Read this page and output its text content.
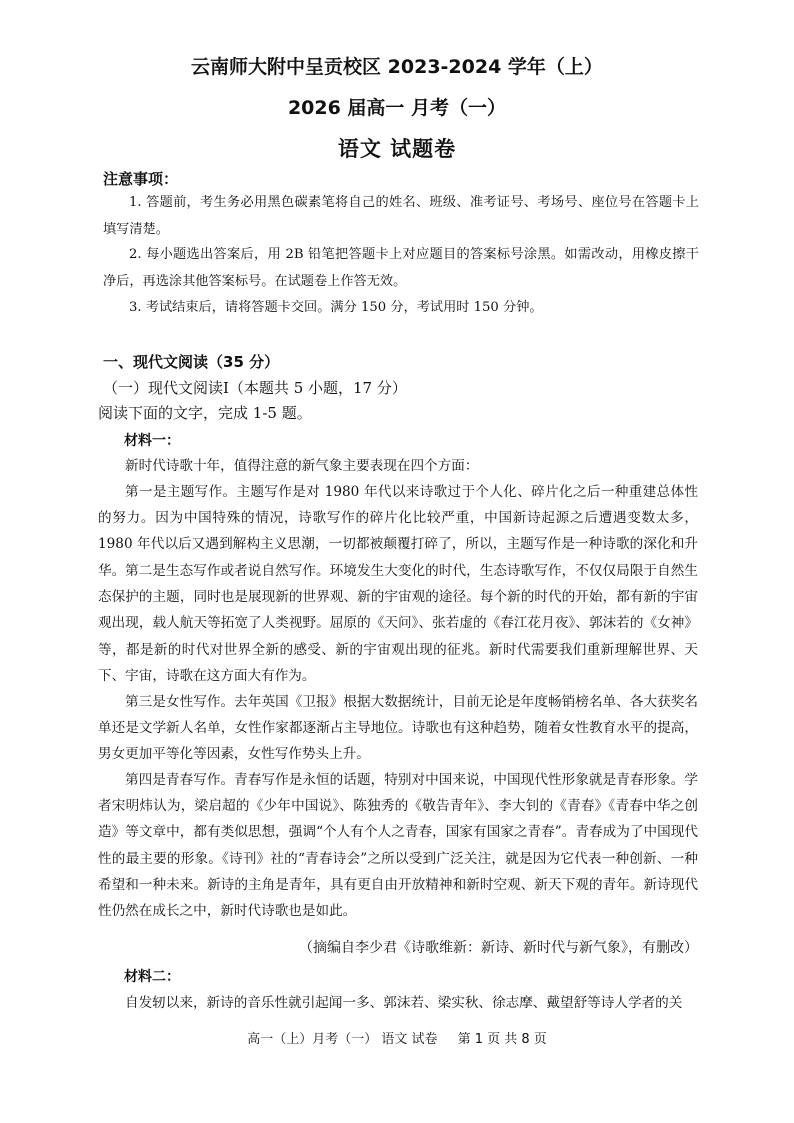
云南师大附中呈贡校区 2023-2024 学年（上）
2026 届高一 月考（一）
语文 试题卷
注意事项：

1. 答题前，考生务必用黑色碳素笔将自己的姓名、班级、准考证号、考场号、座位号在答题卡上填写清楚。

2. 每小题选出答案后，用 2B 铅笔把答题卡上对应题目的答案标号涂黑。如需改动，用橡皮擦干净后，再选涂其他答案标号。在试题卷上作答无效。

3. 考试结束后，请将答题卡交回。满分 150 分，考试用时 150 分钟。

一、现代文阅读（35 分）
（一）现代文阅读Ⅰ（本题共 5 小题，17 分）
阅读下面的文字，完成 1-5 题。
材料一：

新时代诗歌十年，值得注意的新气象主要表现在四个方面：

第一是主题写作。主题写作是对 1980 年代以来诗歌过于个人化、碎片化之后一种重建总体性的努力。因为中国特殊的情况，诗歌写作的碎片化比较严重，中国新诗起源之后遭遇变数太多，1980 年代以后又遇到解构主义思潮，一切都被颠覆打碎了，所以，主题写作是一种诗歌的深化和升华。 第二是生态写作或者说自然写作。环境发生大变化的时代，生态诗歌写作，不仅仅局限于自然生态保护的主题，同时也是展现新的世界观、新的宇宙观的途径。每个新的时代的开始，都有新的宇宙观出现，载人航天等拓宽了人类视野。屈原的《天问》、张若虚的《春江花月夜》、郭沫若的《女神》等，都是新的时代对世界全新的感受、新的宇宙观出现的征兆。新时代需要我们重新理解世界、天下、宇宙，诗歌在这方面大有作为。

第三是女性写作。去年英国《卫报》根据大数据统计，目前无论是年度畅销榜名单、各大获奖名单还是文学新人名单，女性作家都逐渐占主导地位。诗歌也有这种趋势，随着女性教育水平的提高，男女更加平等化等因素，女性写作势头上升。

第四是青春写作。青春写作是永恒的话题，特别对中国来说，中国现代性形象就是青春形象。学者宋明炜认为，梁启超的《少年中国说》、陈独秀的《敬告青年》、李大钊的《青春》《青春中华之创造》等文章中，都有类似思想，强调“个人有个人之青春，国家有国家之青春”。青春成为了中国现代性的最主要的形象。《诗刊》社的“青春诗会”之所以受到广泛关注，就是因为它代表一种创新、一种希望和一种未来。新诗的主角是青年，具有更自由开放精神和新时空观、新天下观的青年。新诗现代性仍然在成长之中，新时代诗歌也是如此。

（摘编自李少君《诗歌维新：新诗、新时代与新气象》，有删改）
材料二：

自发轫以来，新诗的音乐性就引起闻一多、郭沫若、梁实秋、徐志摩、戴望舒等诗人学者的关

高一（上）月考（一） 语文 试卷 第 1 页 共 8 页
